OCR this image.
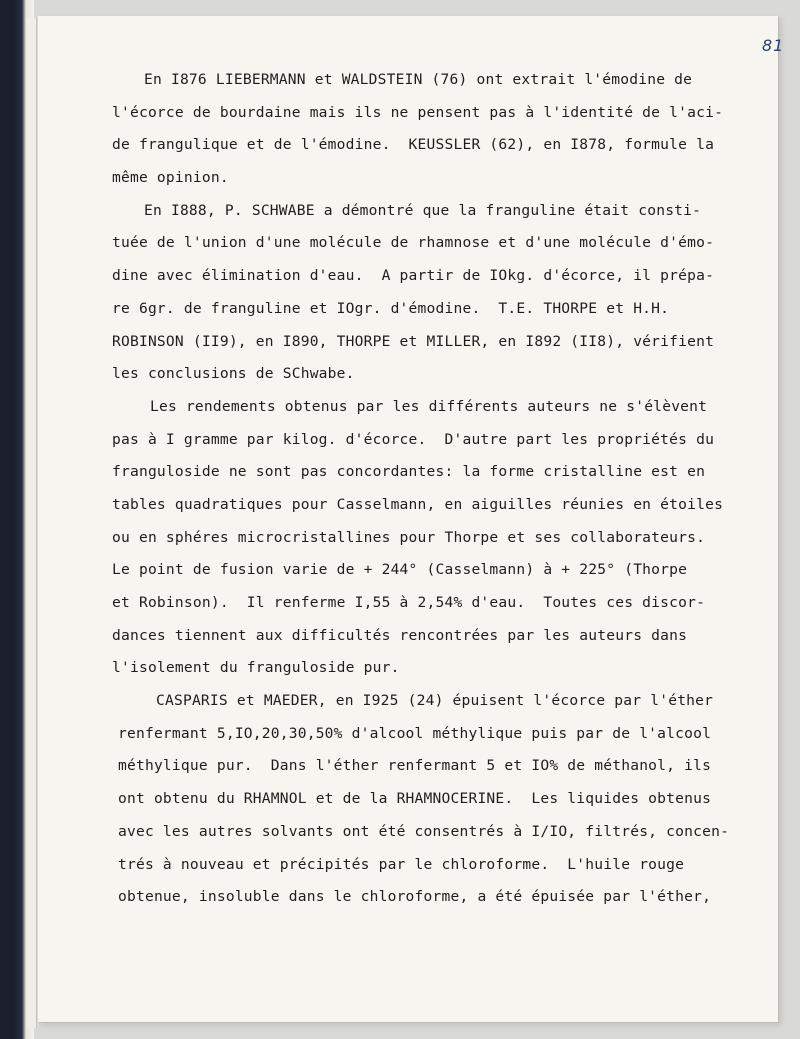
81
En I876 LIEBERMANN et WALDSTEIN (76) ont extrait l'émodine de
l'écorce de bourdaine mais ils ne pensent pas à l'identité de l'aci-
de frangulique et de l'émodine.  KEUSSLER (62), en I878, formule la
même opinion.
En I888, P. SCHWABE a démontré que la franguline était consti-
tuée de l'union d'une molécule de rhamnose et d'une molécule d'émo-
dine avec élimination d'eau.  A partir de IOkg. d'écorce, il prépa-
re 6gr. de franguline et IOgr. d'émodine.  T.E. THORPE et H.H.
ROBINSON (II9), en I890, THORPE et MILLER, en I892 (II8), vérifient
les conclusions de SChwabe.
Les rendements obtenus par les différents auteurs ne s'élèvent
pas à I gramme par kilog. d'écorce.  D'autre part les propriétés du
franguloside ne sont pas concordantes: la forme cristalline est en
tables quadratiques pour Casselmann, en aiguilles réunies en étoiles
ou en sphéres microcristallines pour Thorpe et ses collaborateurs.
Le point de fusion varie de + 244° (Casselmann) à + 225° (Thorpe
et Robinson).  Il renferme I,55 à 2,54% d'eau.  Toutes ces discor-
dances tiennent aux difficultés rencontrées par les auteurs dans
l'isolement du franguloside pur.
CASPARIS et MAEDER, en I925 (24) épuisent l'écorce par l'éther
renfermant 5,IO,20,30,50% d'alcool méthylique puis par de l'alcool
méthylique pur.  Dans l'éther renfermant 5 et IO% de méthanol, ils
ont obtenu du RHAMNOL et de la RHAMNOCERINE.  Les liquides obtenus
avec les autres solvants ont été consentrés à I/IO, filtrés, concen-
trés à nouveau et précipités par le chloroforme.  L'huile rouge
obtenue, insoluble dans le chloroforme, a été épuisée par l'éther,
